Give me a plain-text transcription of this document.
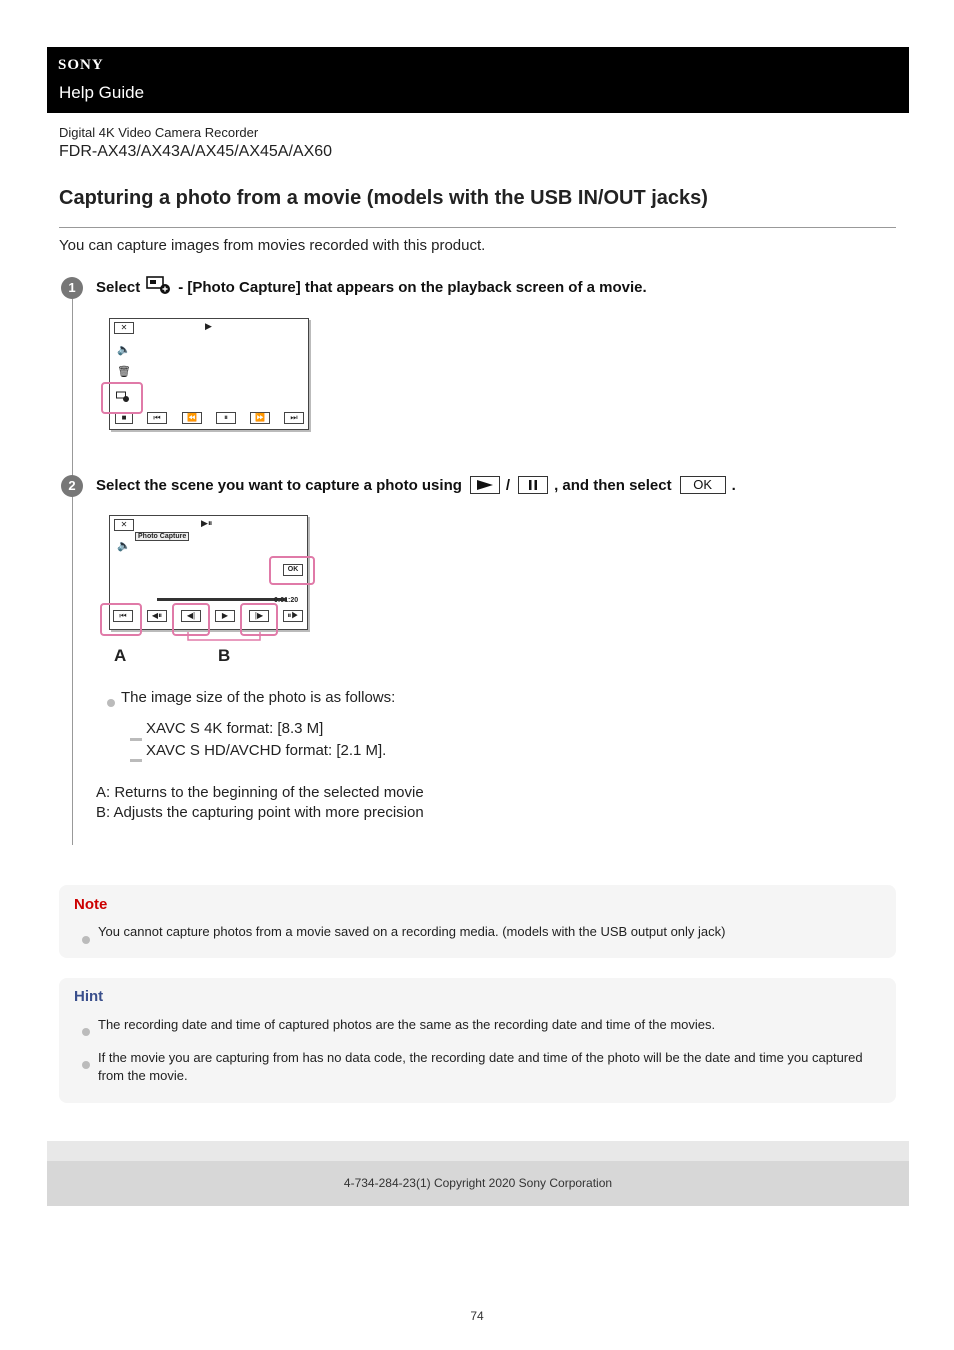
SONY
Help Guide
Digital 4K Video Camera Recorder
FDR-AX43/AX43A/AX45/AX45A/AX60
Capturing a photo from a movie (models with the USB IN/OUT jacks)
You can capture images from movies recorded with this product.
1	Select	- [Photo Capture] that appears on the playback screen of a movie.
✕	▶
🔈
🗑
■	⏮	⏪	⏸	⏩	⏭
2	Select the scene you want to capture a photo using	/	, and then select	OK	.
✕	▶⏸
🔈
Photo Capture
OK
0:01:20
⏮	◀⏸	◀|	▶	|▶	⏸▶
A	B
The image size of the photo is as follows:
XAVC S 4K format: [8.3 M]
XAVC S HD/AVCHD format: [2.1 M].
A: Returns to the beginning of the selected movie
B: Adjusts the capturing point with more precision
Note
You cannot capture photos from a movie saved on a recording media. (models with the USB output only jack)
Hint
The recording date and time of captured photos are the same as the recording date and time of the movies.
If the movie you are capturing from has no data code, the recording date and time of the photo will be the date and time you captured from the movie.
4-734-284-23(1) Copyright 2020 Sony Corporation
74
